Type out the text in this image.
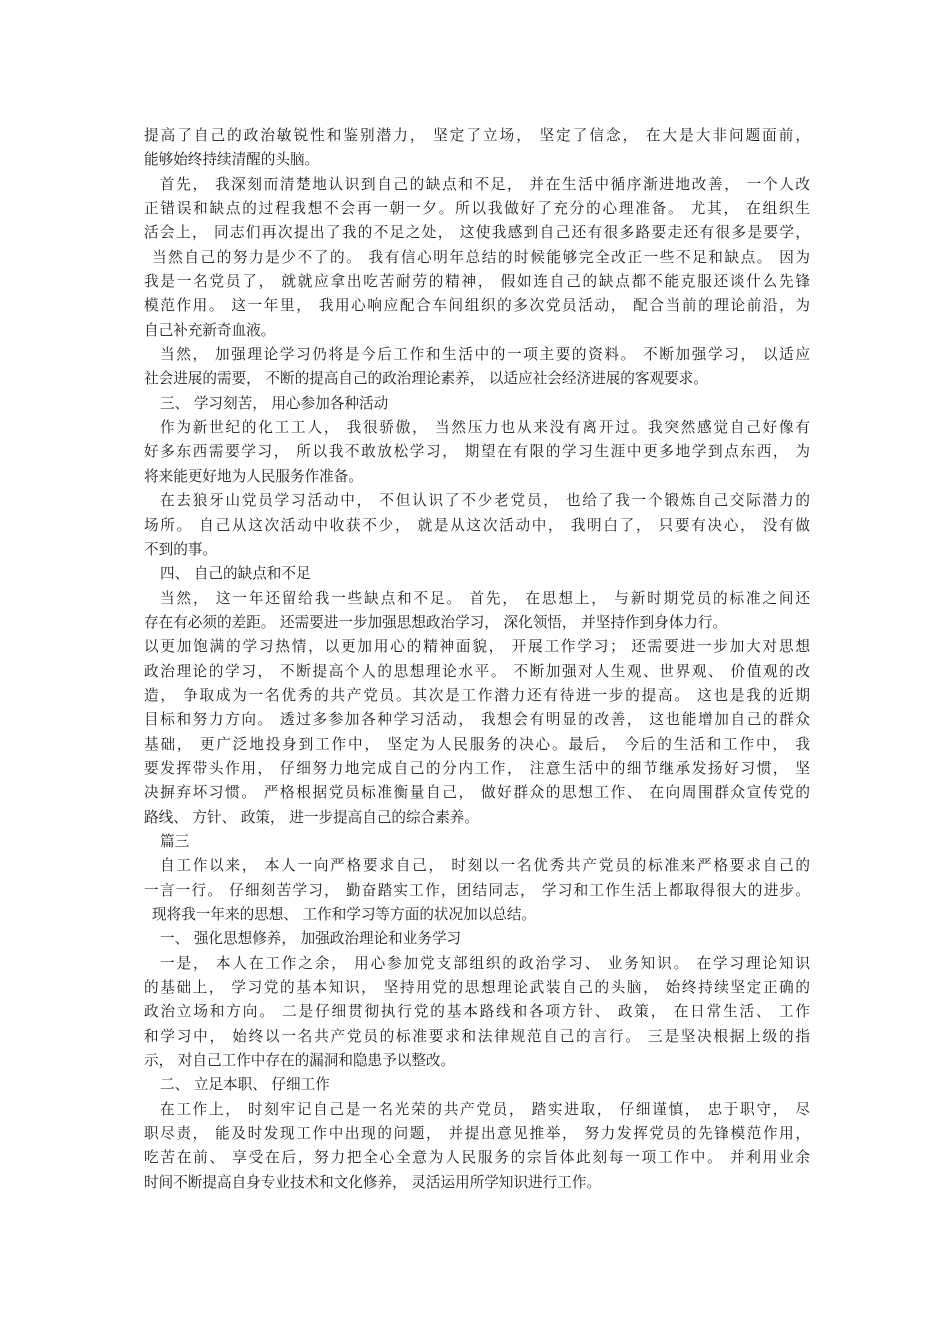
提高了自己的政治敏锐性和鉴别潜力， 坚定了立场， 坚定了信念， 在大是大非问题面前，
能够始终持续清醒的头脑。
首先， 我深刻而清楚地认识到自己的缺点和不足， 并在生活中循序渐进地改善， 一个人改
正错误和缺点的过程我想不会再一朝一夕。所以我做好了充分的心理准备。 尤其， 在组织生
活会上， 同志们再次提出了我的不足之处， 这使我感到自己还有很多路要走还有很多是要学，
当然自己的努力是少不了的。 我有信心明年总结的时候能够完全改正一些不足和缺点。 因为
我是一名党员了， 就就应拿出吃苦耐劳的精神， 假如连自己的缺点都不能克服还谈什么先锋
模范作用。 这一年里， 我用心响应配合车间组织的多次党员活动， 配合当前的理论前沿，为
自己补充新奇血液。
当然， 加强理论学习仍将是今后工作和生活中的一项主要的资料。 不断加强学习， 以适应
社会进展的需要， 不断的提高自己的政治理论素养， 以适应社会经济进展的客观要求。
三、 学习刻苦， 用心参加各种活动
作为新世纪的化工工人， 我很骄傲， 当然压力也从来没有离开过。我突然感觉自己好像有
好多东西需要学习， 所以我不敢放松学习， 期望在有限的学习生涯中更多地学到点东西， 为
将来能更好地为人民服务作准备。
在去狼牙山党员学习活动中， 不但认识了不少老党员， 也给了我一个锻炼自己交际潜力的
场所。 自己从这次活动中收获不少， 就是从这次活动中， 我明白了， 只要有决心， 没有做
不到的事。
四、 自己的缺点和不足
当然， 这一年还留给我一些缺点和不足。 首先， 在思想上， 与新时期党员的标准之间还
存在有必须的差距。 还需要进一步加强思想政治学习， 深化领悟， 并坚持作到身体力行。
以更加饱满的学习热情，以更加用心的精神面貌， 开展工作学习； 还需要进一步加大对思想
政治理论的学习， 不断提高个人的思想理论水平。 不断加强对人生观、世界观、 价值观的改
造， 争取成为一名优秀的共产党员。其次是工作潜力还有待进一步的提高。 这也是我的近期
目标和努力方向。 透过多参加各种学习活动， 我想会有明显的改善， 这也能增加自己的群众
基础， 更广泛地投身到工作中， 坚定为人民服务的决心。最后， 今后的生活和工作中， 我
要发挥带头作用， 仔细努力地完成自己的分内工作， 注意生活中的细节继承发扬好习惯， 坚
决摒弃坏习惯。 严格根据党员标准衡量自己， 做好群众的思想工作、 在向周围群众宣传党的
路线、 方针、 政策， 进一步提高自己的综合素养。
篇三
自工作以来， 本人一向严格要求自己， 时刻以一名优秀共产党员的标准来严格要求自己的
一言一行。 仔细刻苦学习， 勤奋踏实工作，团结同志， 学习和工作生活上都取得很大的进步。
现将我一年来的思想、 工作和学习等方面的状况加以总结。
一、 强化思想修养， 加强政治理论和业务学习
一是， 本人在工作之余， 用心参加党支部组织的政治学习、 业务知识。 在学习理论知识
的基础上， 学习党的基本知识， 坚持用党的思想理论武装自己的头脑， 始终持续坚定正确的
政治立场和方向。 二是仔细贯彻执行党的基本路线和各项方针、 政策， 在日常生活、 工作
和学习中， 始终以一名共产党员的标准要求和法律规范自己的言行。 三是坚决根据上级的指
示， 对自己工作中存在的漏洞和隐患予以整改。
二、 立足本职、 仔细工作
在工作上， 时刻牢记自己是一名光荣的共产党员， 踏实进取， 仔细谨慎， 忠于职守， 尽
职尽责， 能及时发现工作中出现的问题， 并提出意见推举， 努力发挥党员的先锋模范作用，
吃苦在前、 享受在后，努力把全心全意为人民服务的宗旨体此刻每一项工作中。 并利用业余
时间不断提高自身专业技术和文化修养， 灵活运用所学知识进行工作。
